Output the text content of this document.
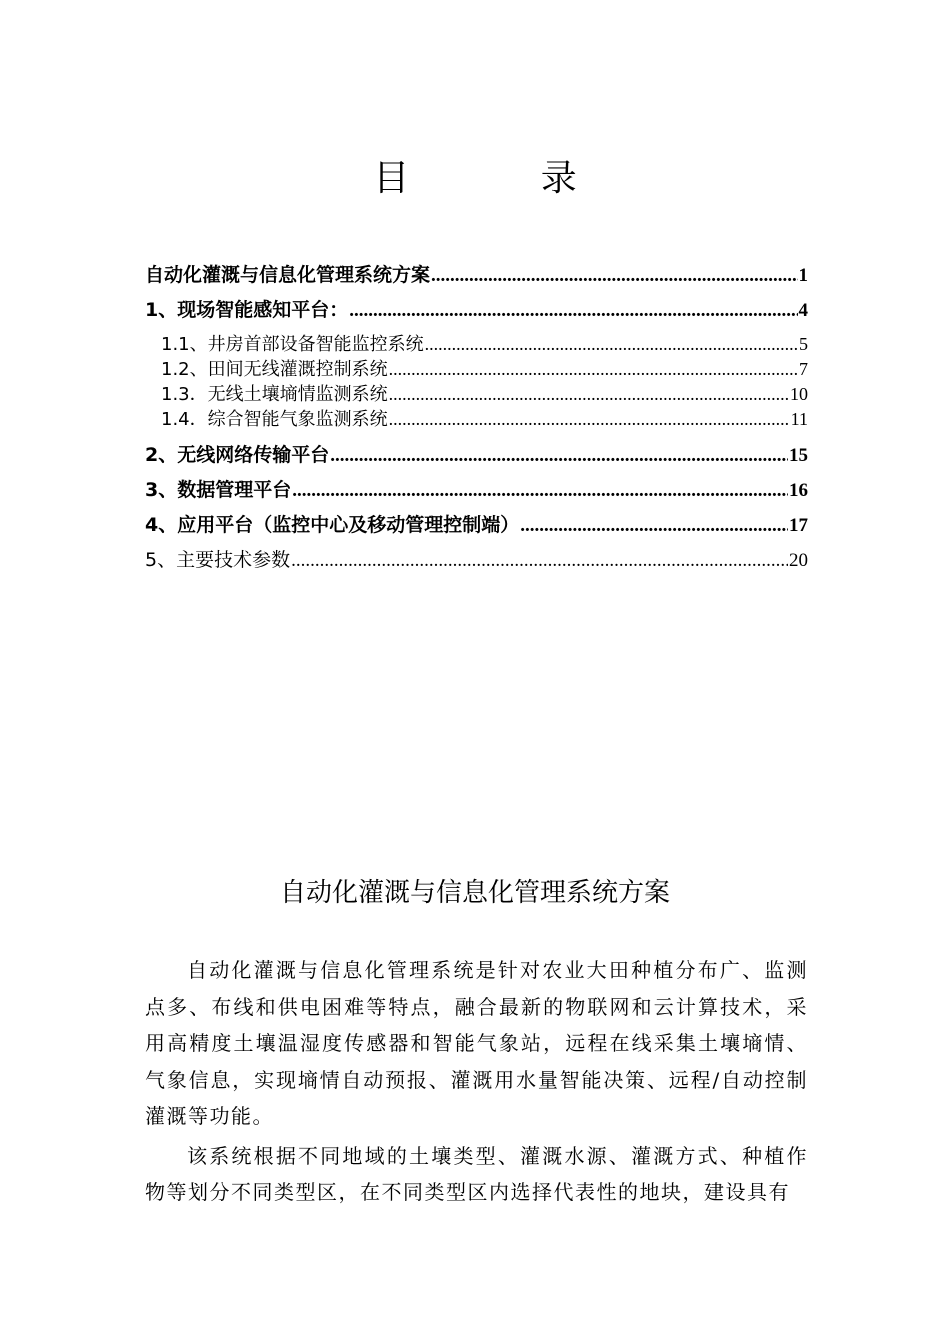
目 录
自动化灌溉与信息化管理系统方案 .....	1
1、现场智能感知平台： .....	4
1.1、井房首部设备智能监控系统 .....	5
1.2、田间无线灌溉控制系统 .....	7
1.3．无线土壤墒情监测系统 .....	10
1.4．综合智能气象监测系统 .....	11
2、无线网络传输平台 .....	15
3、数据管理平台 .....	16
4、应用平台（监控中心及移动管理控制端） .....	17
5、主要技术参数 .....	20
自动化灌溉与信息化管理系统方案

自动化灌溉与信息化管理系统是针对农业大田种植分布广、监测点多、布线和供电困难等特点，融合最新的物联网和云计算技术，采用高精度土壤温湿度传感器和智能气象站，远程在线采集土壤墒情、气象信息，实现墒情自动预报、灌溉用水量智能决策、远程/自动控制灌溉等功能。

该系统根据不同地域的土壤类型、灌溉水源、灌溉方式、种植作物等划分不同类型区，在不同类型区内选择代表性的地块，建设具有
